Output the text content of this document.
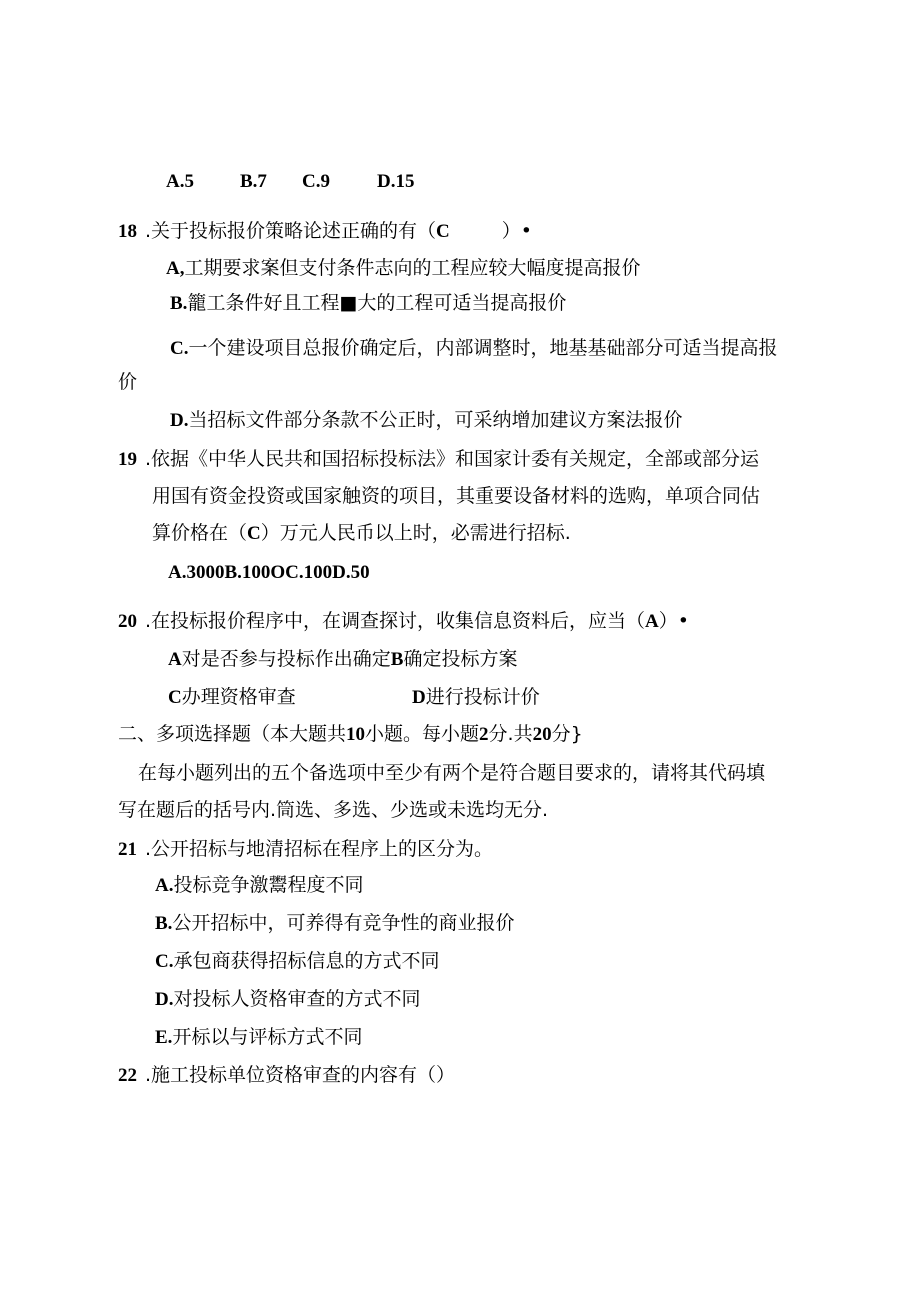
A.5 B.7 C.9 D.15
18 .关于投标报价策略论述正确的有（C	）•
A,工期要求案但支付条件志向的工程应较大幅度提高报价
B.籠工条件好且工程■大的工程可适当提高报价
C.一个建设项目总报价确定后，内部调整时，地基基础部分可适当提高报
价
D.当招标文件部分条款不公正时，可采纳增加建议方案法报价
19 .依据《中华人民共和国招标投标法》和国家计委有关规定，全部或部分运
用国有资金投资或国家触资的项目，其重要设备材料的选购，单项合同估
算价格在（C）万元人民币以上时，必需进行招标.
A.3000B.100OC.100D.50
20 .在投标报价程序中，在调查探讨，收集信息资料后，应当（A）•
A对是否参与投标作出确定B确定投标方案
C办理资格审查	D进行投标计价
二、多项选择题（本大题共10小题。每小题2分.共20分}
在每小题列出的五个备选项中至少有两个是符合题目要求的，请将其代码填
写在题后的括号内.筒选、多选、少选或未选均无分.
21 .公开招标与地清招标在程序上的区分为。
A.投标竞争激鬻程度不同
B.公开招标中，可养得有竞争性的商业报价
C.承包商获得招标信息的方式不同
D.对投标人资格审查的方式不同
E.开标以与评标方式不同
22 .施工投标单位资格审查的内容有（）
